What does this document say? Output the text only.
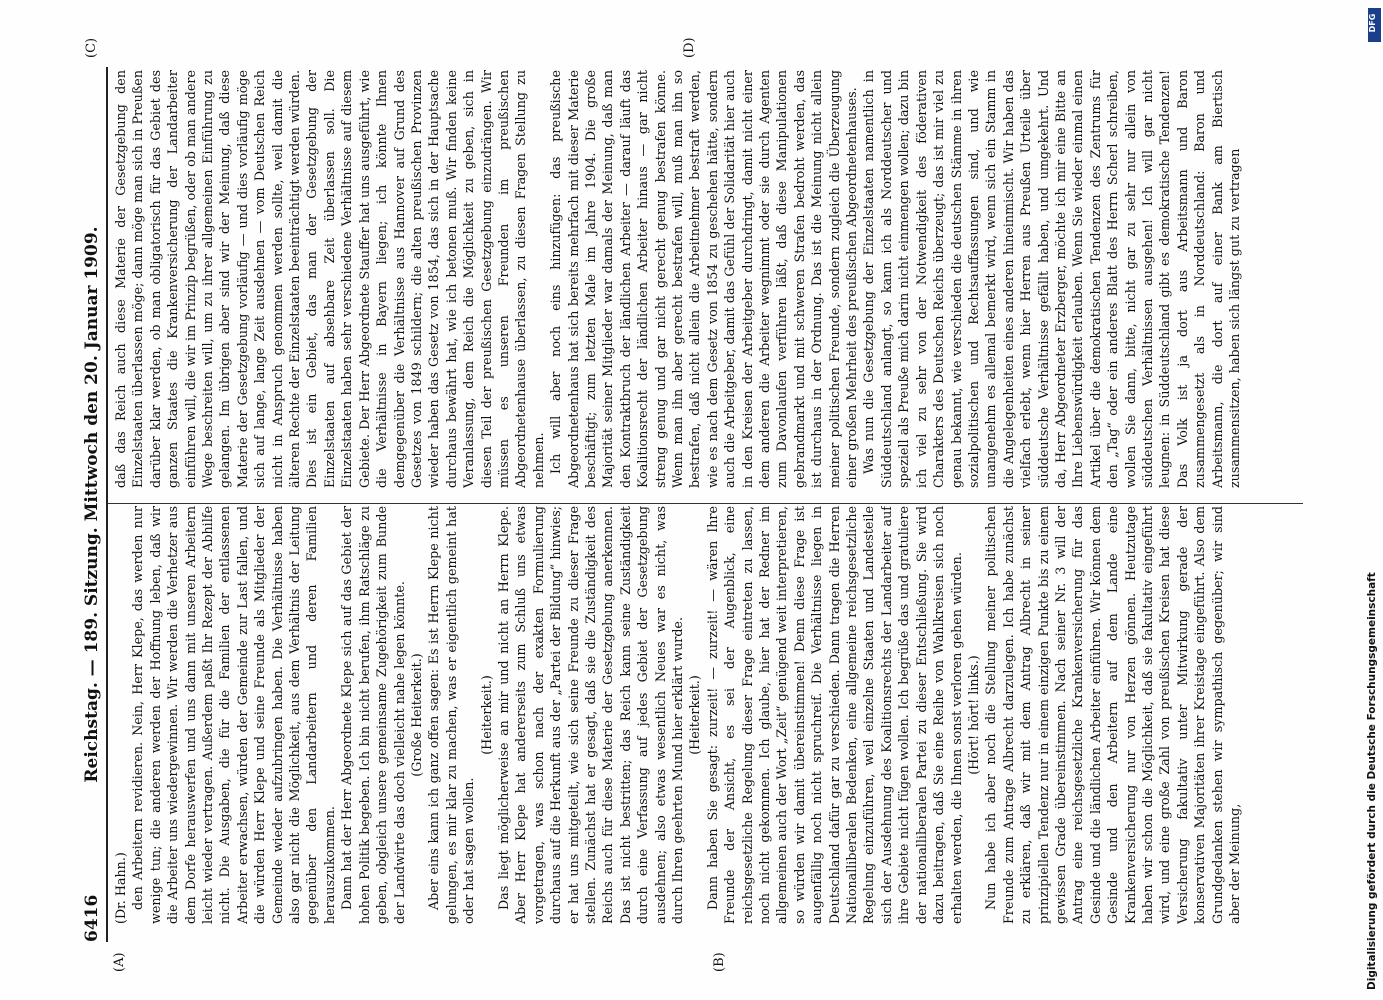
6416
Reichstag. — 189. Sitzung. Mittwoch den 20. Januar 1909.
(C)
(A)	(B)
(D)

(Dr. Hahn.) den Arbeitern revidieren. Nein, Herr Klepe, das werden nur wenige tun; die anderen werden der Hoffnung leben, daß wir die Arbeiter uns wiedergewinnen. Wir werden die Verhetzer aus dem Dorfe herauswerfen und uns dann mit unseren Arbeitern leicht wieder vertragen. Außerdem paßt Ihr Rezept der Abhilfe nicht. Die Ausgaben, die für die Familien der entlassenen Arbeiter erwachsen, würden der Gemeinde zur Last fallen, und die würden Herr Klepe und seine Freunde als Mitglieder der Gemeinde wieder aufzubringen haben. Die Verhältnisse haben also gar nicht die Möglichkeit, aus dem Verhältnis der Leitung gegenüber den Landarbeitern und deren Familien herauszukommen. Dann hat der Herr Abgeordnete Klepe sich auf das Gebiet der hohen Politik begeben. Ich bin nicht berufen, ihm Ratschläge zu geben, obgleich unsere gemeinsame Zugehörigkeit zum Bunde der Landwirte das doch vielleicht nahe legen könnte. (Große Heiterkeit.) Aber eins kann ich ganz offen sagen: Es ist Herrn Klepe nicht gelungen, es mir klar zu machen, was er eigentlich gemeint hat oder hat sagen wollen.

(Heiterkeit.) Das liegt möglicherweise an mir und nicht an Herrn Klepe. Aber Herr Klepe hat andererseits zum Schluß uns etwas vorgetragen, was schon nach der exakten Formulierung durchaus auf die Herkunft aus der „Partei der Bildung“ hinwies; er hat uns mitgeteilt, wie sich seine Freunde zu dieser Frage stellen. Zunächst hat er gesagt, daß sie die Zuständigkeit des Reichs auch für diese Materie der Gesetzgebung anerkennen. Das ist nicht bestritten; das Reich kann seine Zuständigkeit durch eine Verfassung auf jedes Gebiet der Gesetzgebung ausdehnen; also etwas wesentlich Neues war es nicht, was durch Ihren geehrten Mund hier erklärt wurde. (Heiterkeit.) Dann haben Sie gesagt: zurzeit! — zurzeit! — wären Ihre Freunde der Ansicht, es sei der Augenblick, eine reichsgesetzliche Regelung dieser Frage eintreten zu lassen, noch nicht gekommen. Ich glaube, hier hat der Redner im allgemeinen auch der Wort „Zeit“ genügend weit interpretieren, so würden wir damit übereinstimmen! Denn diese Frage ist augenfällig noch nicht spruchreif. Die Verhältnisse liegen in Deutschland dafür gar zu verschieden. Dann tragen die Herren Nationalliberalen Bedenken, eine allgemeine reichsgesetzliche Regelung einzuführen, weil einzelne Staaten und Landesteile sich der Ausdehnung des Koalitionsrechts der Landarbeiter auf ihre Gebiete nicht fügen wollen. Ich begrüße das und gratuliere der nationalliberalen Partei zu dieser Entschließung. Sie wird dazu beitragen, daß Sie eine Reihe von Wahlkreisen sich noch erhalten werden, die Ihnen sonst verloren gehen würden. (Hört! hört! links.) Nun habe ich aber noch die Stellung meiner politischen Freunde zum Antrage Albrecht darzulegen. Ich habe zunächst zu erklären, daß wir mit dem Antrag Albrecht in seiner prinzipiellen Tendenz nur in einem einzigen Punkte bis zu einem gewissen Grade übereinstimmen. Nach seiner Nr. 3 will der Antrag eine reichsgesetzliche Krankenversicherung für das Gesinde und die ländlichen Arbeiter einführen. Wir können dem Gesinde und den Arbeitern auf dem Lande eine Krankenversicherung nur von Herzen gönnen. Heutzutage haben wir schon die Möglichkeit, daß sie fakultativ eingeführt wird, und eine große Zahl von preußischen Kreisen hat diese Versicherung fakultativ unter Mitwirkung gerade der konservativen Majoritäten ihrer Kreistage eingeführt. Also dem Grundgedanken stehen wir sympathisch gegenüber; wir sind aber der Meinung,

daß das Reich auch diese Materie der Gesetzgebung den Einzelstaaten überlassen möge; dann möge man sich in Preußen darüber klar werden, ob man obligatorisch für das Gebiet des ganzen Staates die Krankenversicherung der Landarbeiter einführen will, die wir im Prinzip begrüßen, oder ob man andere Wege beschreiten will, um zu ihrer allgemeinen Einführung zu gelangen. Im übrigen aber sind wir der Meinung, daß diese Materie der Gesetzgebung vorläufig — und dies vorläufig möge sich auf lange, lange Zeit ausdehnen — vom Deutschen Reich nicht in Anspruch genommen werden sollte, weil damit die älteren Rechte der Einzelstaaten beeinträchtigt werden würden. Dies ist ein Gebiet, das man der Gesetzgebung der Einzelstaaten auf absehbare Zeit überlassen soll. Die Einzelstaaten haben sehr verschiedene Verhältnisse auf diesem Gebiete. Der Herr Abgeordnete Stauffer hat uns ausgeführt, wie die Verhältnisse in Bayern liegen; ich könnte Ihnen demgegenüber die Verhältnisse aus Hannover auf Grund des Gesetzes von 1849 schildern; die alten preußischen Provinzen wieder haben das Gesetz von 1854, das sich in der Hauptsache durchaus bewährt hat, wie ich betonen muß. Wir finden keine Veranlassung, dem Reich die Möglichkeit zu geben, sich in diesen Teil der preußischen Gesetzgebung einzudrängen. Wir müssen es unseren Freunden im preußischen Abgeordnetenhause überlassen, zu diesen Fragen Stellung zu nehmen. Ich will aber noch eins hinzufügen: das preußische Abgeordnetenhaus hat sich bereits mehrfach mit dieser Materie beschäftigt; zum letzten Male im Jahre 1904. Die große Majorität seiner Mitglieder war damals der Meinung, daß man den Kontraktbruch der ländlichen Arbeiter — darauf läuft das Koalitionsrecht der ländlichen Arbeiter hinaus — gar nicht streng genug und gar nicht gerecht genug bestrafen könne. Wenn man ihn aber gerecht bestrafen will, muß man ihn so bestrafen, daß nicht allein die Arbeitnehmer bestraft werden, wie es nach dem Gesetz von 1854 zu geschehen hätte, sondern auch die Arbeitgeber, damit das Gefühl der Solidarität hier auch in den Kreisen der Arbeitgeber durchdringt, damit nicht einer dem anderen die Arbeiter wegnimmt oder sie durch Agenten zum Davonlaufen verführen läßt, daß diese Manipulationen gebrandmarkt und mit schweren Strafen bedroht werden, das ist durchaus in der Ordnung. Das ist die Meinung nicht allein meiner politischen Freunde, sondern zugleich die Überzeugung einer großen Mehrheit des preußischen Abgeordnetenhauses. Was nun die Gesetzgebung der Einzelstaaten namentlich in Süddeutschland anlangt, so kann ich als Norddeutscher und speziell als Preuße mich darin nicht einmengen wollen; dazu bin ich viel zu sehr von der Notwendigkeit des föderativen Charakters des Deutschen Reichs überzeugt; das ist mir viel zu genau bekannt, wie verschieden die deutschen Stämme in ihren sozialpolitischen und Rechtsauffassungen sind, und wie unangenehm es allemal bemerkt wird, wenn sich ein Stamm in die Angelegenheiten eines anderen hineinmischt. Wir haben das vielfach erlebt, wenn hier Herren aus Preußen Urteile über süddeutsche Verhältnisse gefällt haben, und umgekehrt. Und da, Herr Abgeordneter Erzberger, möchte ich mir eine Bitte an Ihre Liebenswürdigkeit erlauben. Wenn Sie wieder einmal einen Artikel über die demokratischen Tendenzen des Zentrums für den „Tag“ oder ein anderes Blatt des Herrn Scherl schreiben, wollen Sie dann, bitte, nicht gar zu sehr nur allein von süddeutschen Verhältnissen ausgehen! Ich will gar nicht leugnen: in Süddeutschland gibt es demokratische Tendenzen! Das Volk ist ja dort aus Arbeitsmann und Baron zusammengesetzt als in Norddeutschland: Baron und Arbeitsmann, die dort auf einer Bank am Biertisch zusammensitzen, haben sich längst gut zu vertragen

DFG
Digitalisierung gefördert durch die Deutsche Forschungsgemeinschaft
